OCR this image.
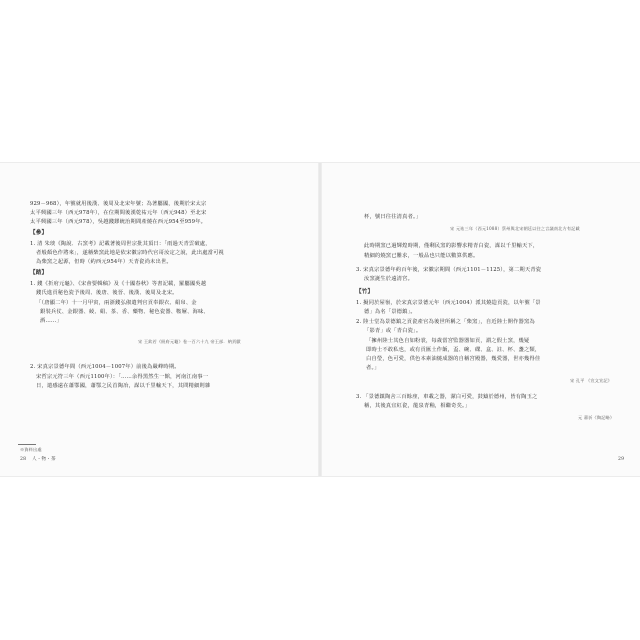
929－968），年號就用後漢、後周及北宋年號；為著屬國，後期於宋太宗
太平興國三年（西元978年），在位期間後漢乾祐元年（西元948）至北宋
太平興國三年（西元978），吳越錢鏐統治期間產燒在西元954至959年。
【參】
1. 清 朱琰《陶說．古窯考》記載著後周世宗批其頂日：「雨過天青雲破處，
者般顏色作將來」，遂稱柴窯此地是依宋徽宗時代官哥汝定之說，此出處當可視
為柴窯之起源，但時（約西元954年）天青瓷尚未出世。
【踏】
1. 錢《折府元龜》、《宋會要輯稿》及《十國春秋》等書記載，羅屬國吳越
錢氏進貢秘色瓷予後周、後唐、後晉、後漢、後周及北宋。
「（唐顯二年）十一月甲寅，兩浙錢弘俶遣判官貢奉銀衣、絹帛、金
銀裝兵仗、金銀器、綾、絹、茶、香、藥物、秘色瓷器、鞍屜、海味、
酒……」
宋 王欽若《冊府元龜》卷一百六十九 帝王部．納貢獻
2. 宋真宗景德年間（西元1004－1007年）前後為嚴峰時期。
宋哲宗元符三年（西元1100年）：「……余得黑然生一館，河南江南事一
日，遣感遠在蕭鄂國，蕭鄂之民首陶冶，謀以千里輸天下，其問精細則雜
※資料出處
28 人・物・茶
杯，號曰往往清真者。」
宋 元祐三年（西元1088）蔡州與北宋朝廷以往之言議南北方有記載
此時期窯已過輝煌時期，僅剩民窯的影響求精青白瓷，謀以千里輸天下，
精細的燒窯已難求，一般品也只能以數算供應。
3. 宋真宗景德年約百年後，宋徽宗期間（西元1101－1125），第二期天青瓷
汝窯誕生於遠清宮。
【竹】
1. 擬同於屋嶺，於宋真宗景德元年（西元1004）派其燒造貢瓷，以年號「景
德」為名「景德鎮」。
2. 陸士堂為景德鎮之貢瓷產官為後世所稱之「柴窯」，自近陸士開作器窯為
「影青」或「青白瓷」。
「擁州陸士其色自如粉裳，每歲當宮監器器如貢，謂之假土窯，幾疑
即時士不敢私也，或有貢匯土作飯，盃、碗、碟、盒、註、杯、盞之類，
白自瑩，色可愛，供色本素油燒成器的自稱宮殿器，幾愛器，世亦幾得佳
者。」
宋 孔平 《宣文宣記》
3. 「景德鎮陶舍三百餘座，車載之器，潔白可愛，鼓鑄於德州，皆有陶玉之
稱，其後真宜紅瓷，龍泉青釉，相繼奇矣。」
元 蔣祈《陶記略》
29
